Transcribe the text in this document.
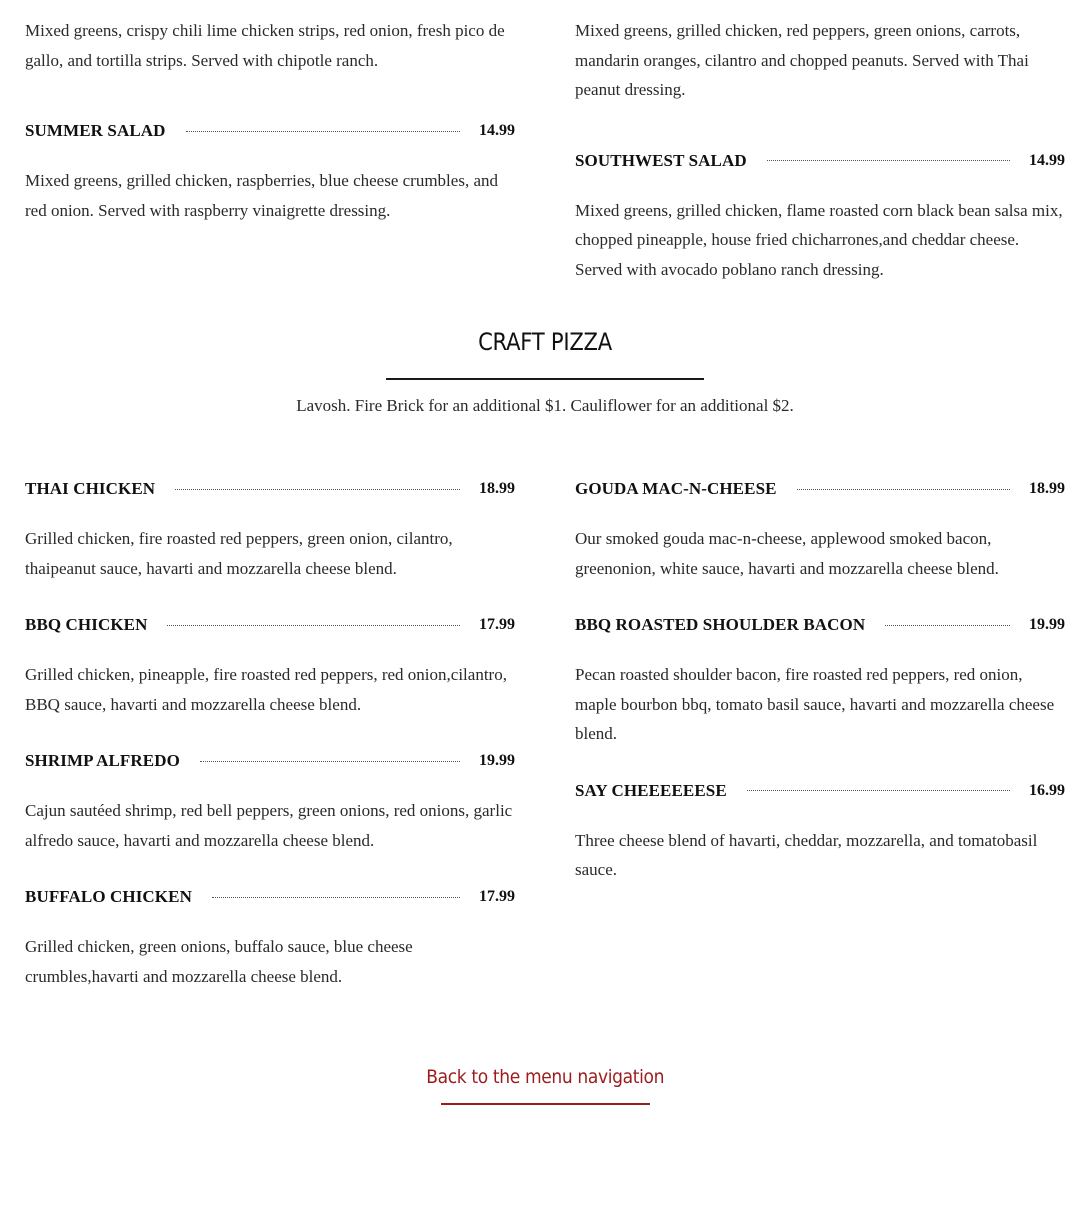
Mixed greens, crispy chili lime chicken strips, red onion, fresh pico de gallo, and tortilla strips. Served with chipotle ranch.

SUMMER SALAD	14.99

Mixed greens, grilled chicken, raspberries, blue cheese crumbles, and red onion. Served with raspberry vinaigrette dressing.

Mixed greens, grilled chicken, red peppers, green onions, carrots, mandarin oranges, cilantro and chopped peanuts. Served with Thai peanut dressing.

SOUTHWEST SALAD	14.99

Mixed greens, grilled chicken, flame roasted corn black bean salsa mix, chopped pineapple, house fried chicharrones,and cheddar cheese. Served with avocado poblano ranch dressing.

CRAFT PIZZA
Lavosh. Fire Brick for an additional $1. Cauliflower for an additional $2.
THAI CHICKEN	18.99

Grilled chicken, fire roasted red peppers, green onion, cilantro, thaipeanut sauce, havarti and mozzarella cheese blend.

BBQ CHICKEN	17.99

Grilled chicken, pineapple, fire roasted red peppers, red onion,cilantro, BBQ sauce, havarti and mozzarella cheese blend.

SHRIMP ALFREDO	19.99

Cajun sautéed shrimp, red bell peppers, green onions, red onions, garlic alfredo sauce, havarti and mozzarella cheese blend.

BUFFALO CHICKEN	17.99

Grilled chicken, green onions, buffalo sauce, blue cheese crumbles,havarti and mozzarella cheese blend.

GOUDA MAC-N-CHEESE	18.99

Our smoked gouda mac-n-cheese, applewood smoked bacon, greenonion, white sauce, havarti and mozzarella cheese blend.

BBQ ROASTED SHOULDER BACON	19.99

Pecan roasted shoulder bacon, fire roasted red peppers, red onion, maple bourbon bbq, tomato basil sauce, havarti and mozzarella cheese blend.

SAY CHEEEEEESE	16.99

Three cheese blend of havarti, cheddar, mozzarella, and tomatobasil sauce.

Back to the menu navigation
